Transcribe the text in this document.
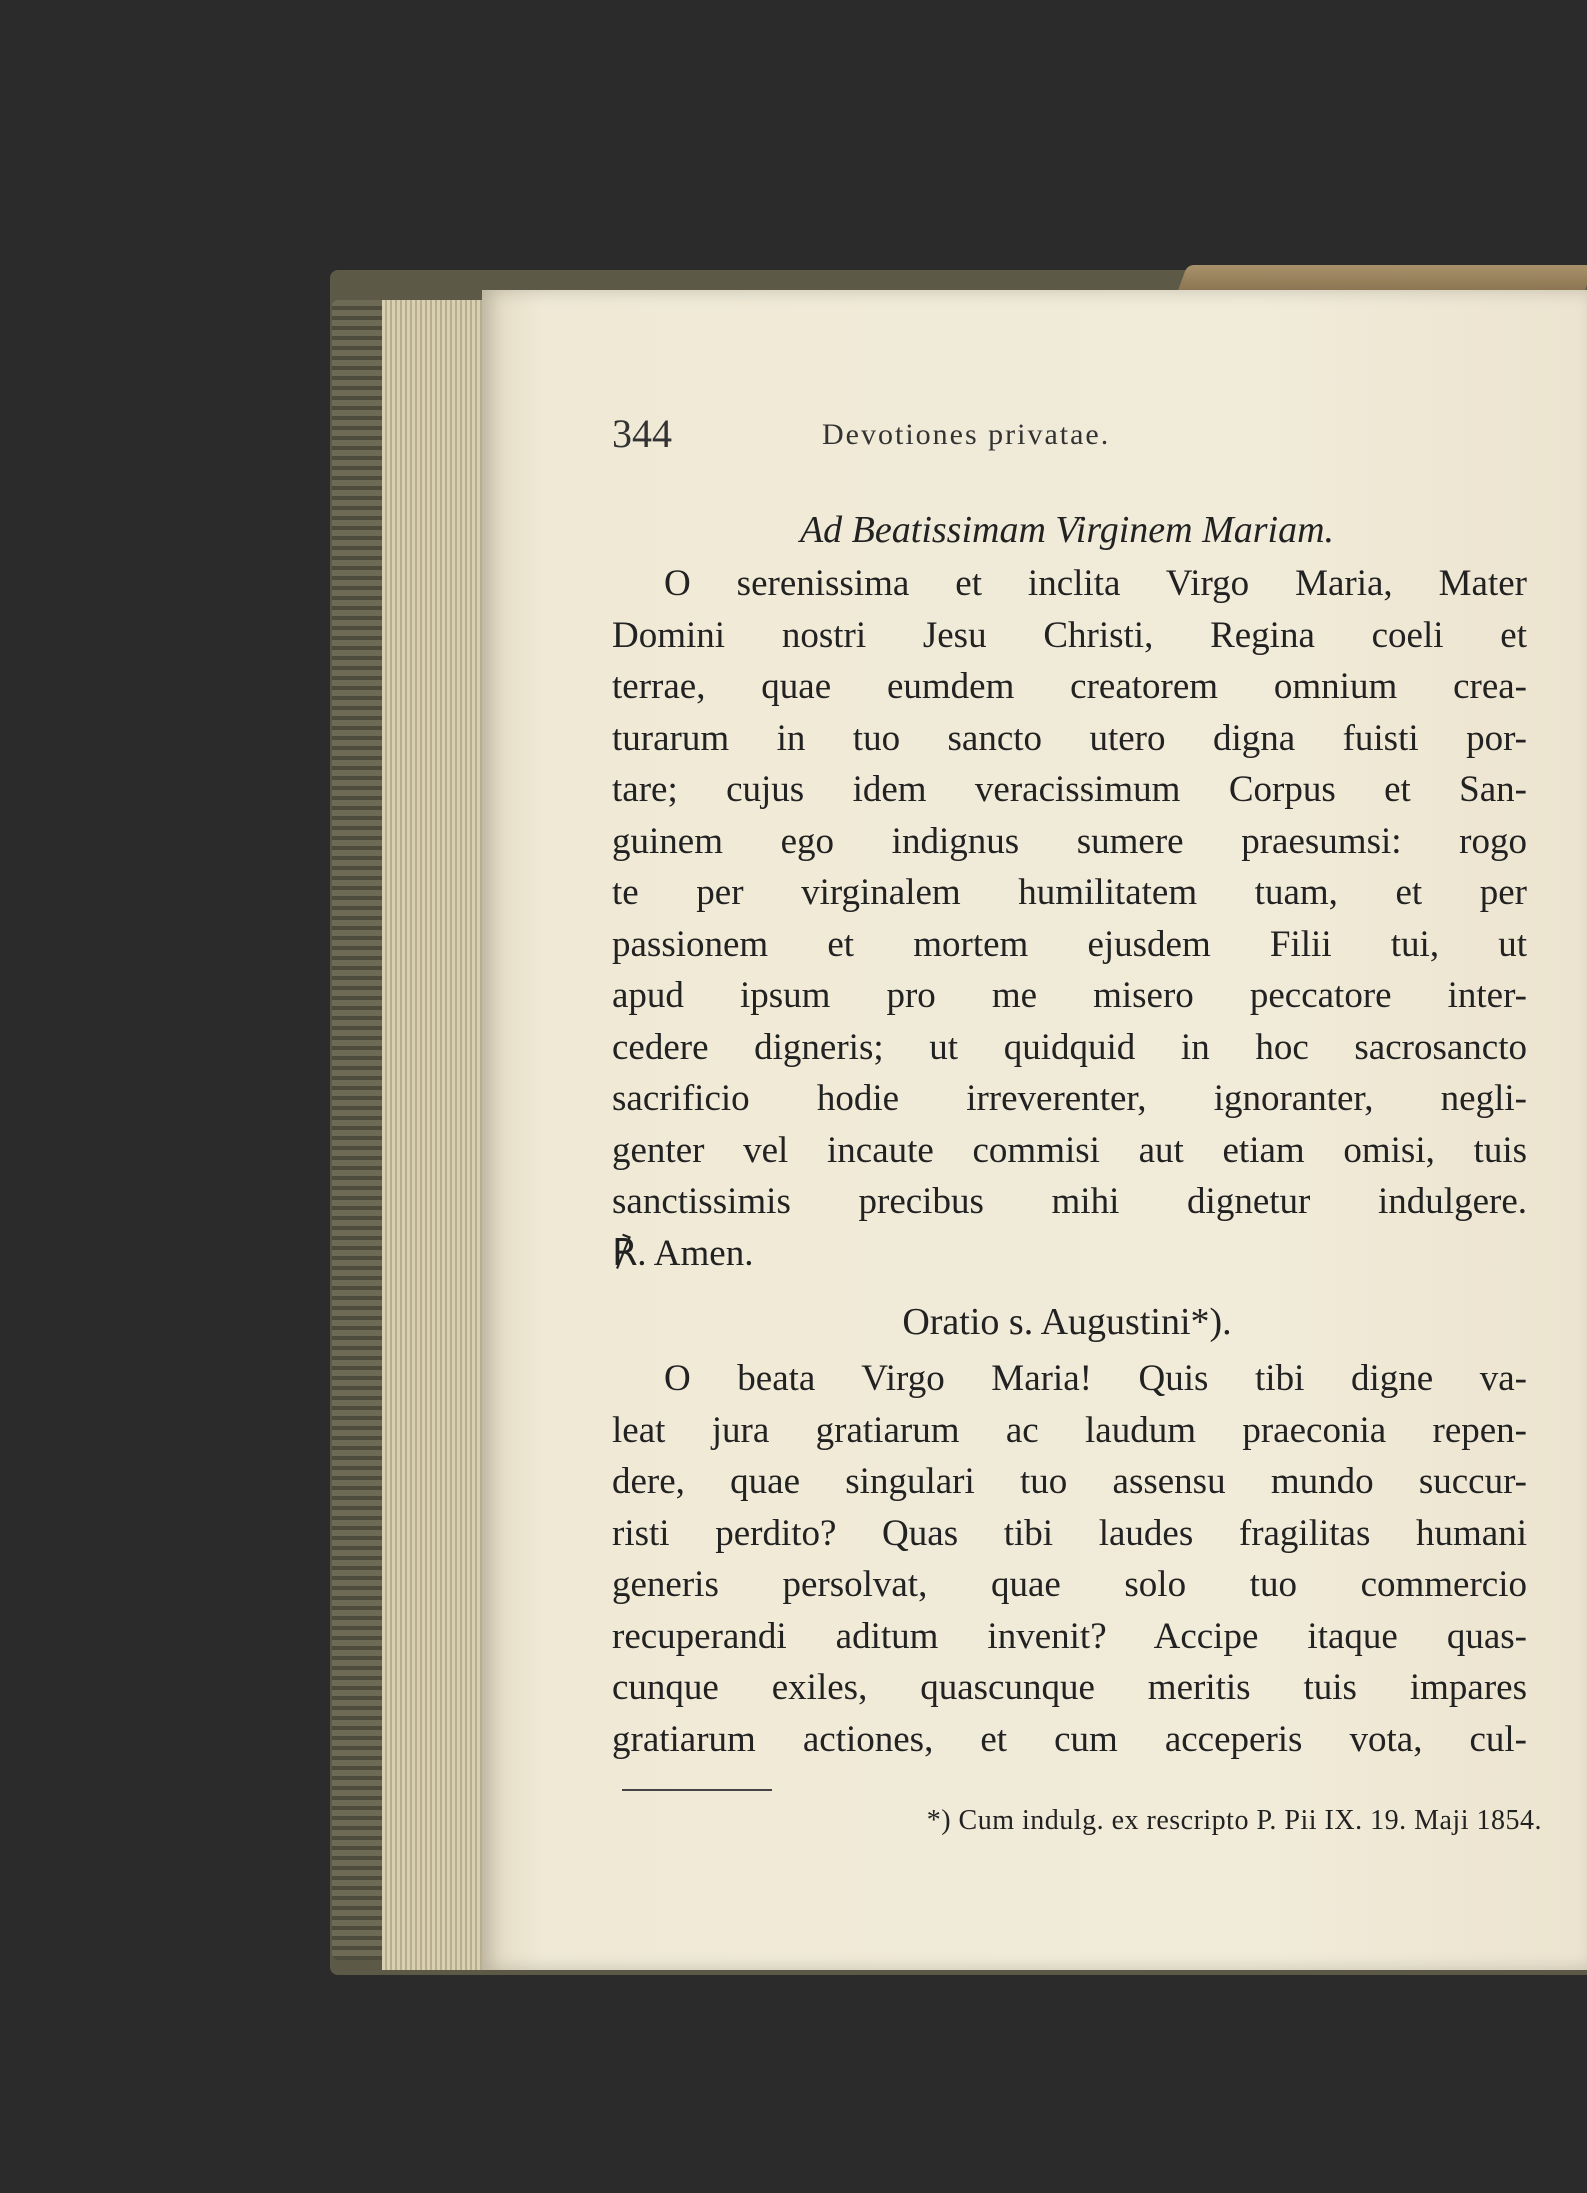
344	Devotiones privatae.
Ad Beatissimam Virginem Mariam.
O serenissima et inclita Virgo Maria, Mater
Domini nostri Jesu Christi, Regina coeli et
terrae, quae eumdem creatorem omnium crea-
turarum in tuo sancto utero digna fuisti por-
tare; cujus idem veracissimum Corpus et San-
guinem ego indignus sumere praesumsi: rogo
te per virginalem humilitatem tuam, et per
passionem et mortem ejusdem Filii tui, ut
apud ipsum pro me misero peccatore inter-
cedere digneris; ut quidquid in hoc sacrosancto
sacrificio hodie irreverenter, ignoranter, negli-
genter vel incaute commisi aut etiam omisi, tuis
sanctissimis precibus mihi dignetur indulgere.
℟. Amen.
Oratio s. Augustini*).
O beata Virgo Maria! Quis tibi digne va-
leat jura gratiarum ac laudum praeconia repen-
dere, quae singulari tuo assensu mundo succur-
risti perdito? Quas tibi laudes fragilitas humani
generis persolvat, quae solo tuo commercio
recuperandi aditum invenit? Accipe itaque quas-
cunque exiles, quascunque meritis tuis impares
gratiarum actiones, et cum acceperis vota, cul-
*) Cum indulg. ex rescripto P. Pii IX. 19. Maji 1854.
